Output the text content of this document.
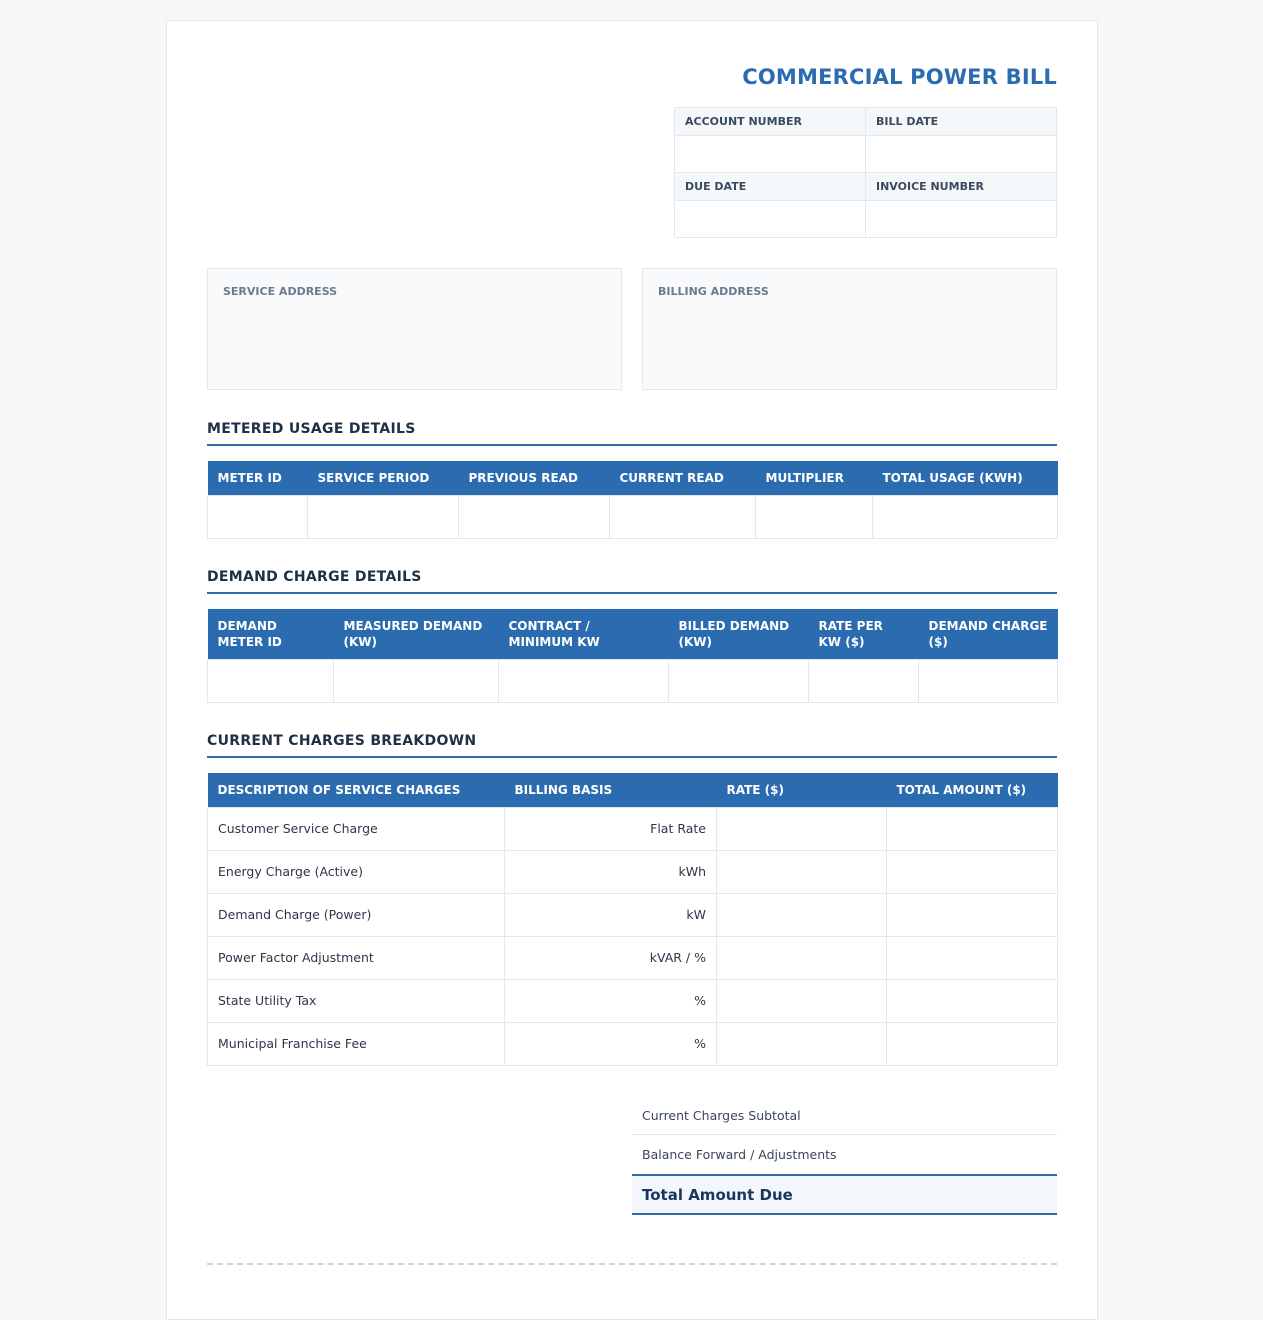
COMMERCIAL POWER BILL
ACCOUNT NUMBER	BILL DATE

DUE DATE	INVOICE NUMBER

SERVICE ADDRESS	BILLING ADDRESS
METERED USAGE DETAILS
METER ID	SERVICE PERIOD	PREVIOUS READ	CURRENT READ	MULTIPLIER	TOTAL USAGE (KWH)

DEMAND CHARGE DETAILS
DEMAND METER ID	MEASURED DEMAND (KW)	CONTRACT / MINIMUM KW	BILLED DEMAND (KW)	RATE PER KW ($)	DEMAND CHARGE ($)

CURRENT CHARGES BREAKDOWN
DESCRIPTION OF SERVICE CHARGES	BILLING BASIS	RATE ($)	TOTAL AMOUNT ($)
Customer Service Charge	Flat Rate		
Energy Charge (Active)	kWh		
Demand Charge (Power)	kW		
Power Factor Adjustment	kVAR / %		
State Utility Tax	%		
Municipal Franchise Fee	%		
Current Charges Subtotal
Balance Forward / Adjustments
Total Amount Due
